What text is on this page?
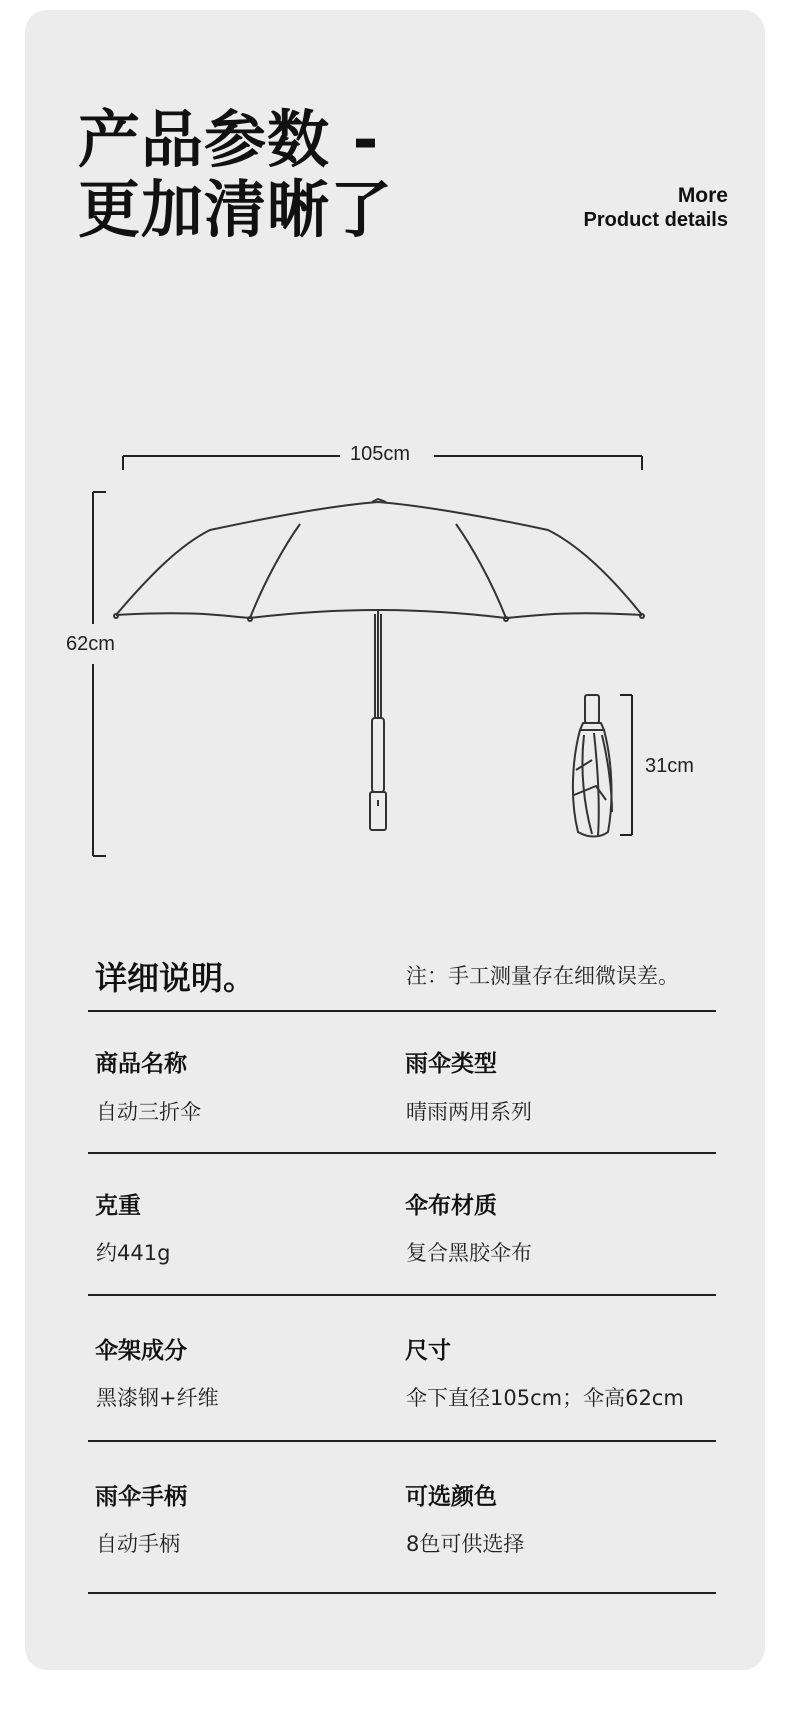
产品参数 -
更加清晰了	More
Product details
105cm
62cm
31cm
详细说明。	注：手工测量存在细微误差。
商品名称
自动三折伞
雨伞类型
晴雨两用系列
克重
约441g
伞布材质
复合黑胶伞布
伞架成分
黑漆钢+纤维
尺寸
伞下直径105cm；伞高62cm
雨伞手柄
自动手柄
可选颜色
8色可供选择
